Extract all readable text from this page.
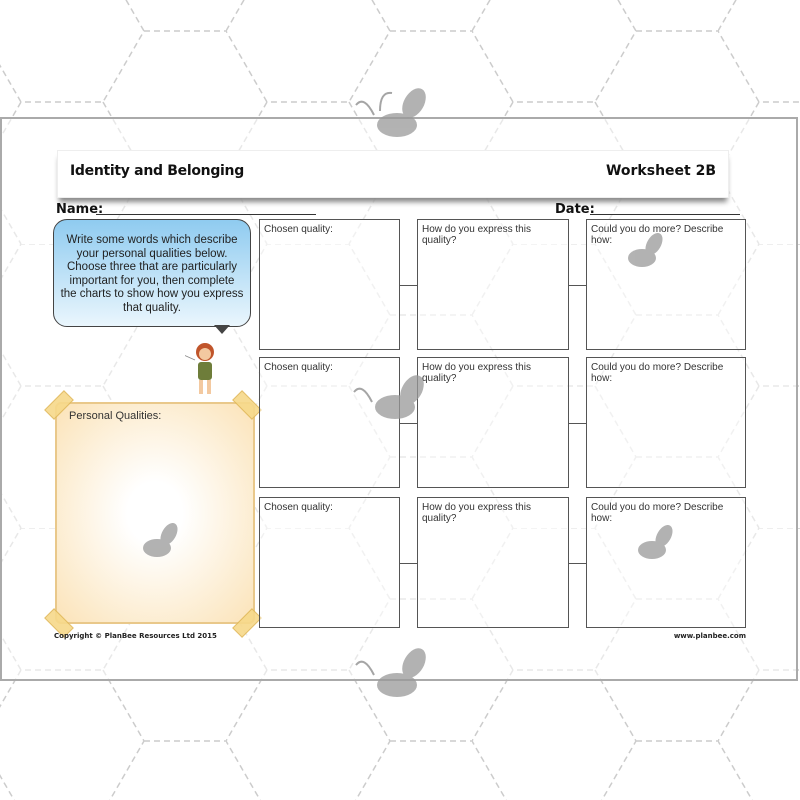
Identity and Belonging	Worksheet 2B
Name:	Date:
Write some words which describe your personal qualities below. Choose three that are particularly important for you, then complete the charts to show how you express that quality.
Personal Qualities:
Chosen quality:	How do you express this quality?
Could you do more? Describe how:
Chosen quality:	How do you express this quality?
Could you do more? Describe how:
Chosen quality:	How do you express this quality?
Could you do more? Describe how:
Copyright © PlanBee Resources Ltd 2015	www.planbee.com
